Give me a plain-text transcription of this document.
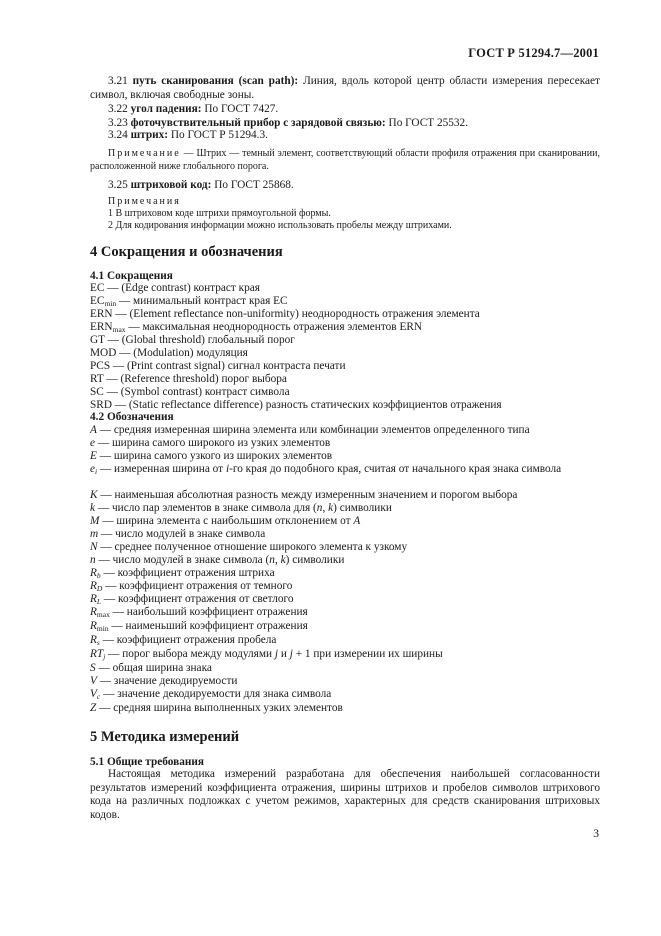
ГОСТ Р 51294.7—2001
3.21 путь сканирования (scan path): Линия, вдоль которой центр области измерения пересекает символ, включая свободные зоны.
3.22 угол падения: По ГОСТ 7427.
3.23 фоточувствительный прибор с зарядовой связью: По ГОСТ 25532.
3.24 штрих: По ГОСТ Р 51294.3.
Примечание — Штрих — темный элемент, соответствующий области профиля отражения при сканировании, расположенной ниже глобального порога.
3.25 штриховой код: По ГОСТ 25868.
Примечания
1 В штриховом коде штрихи прямоугольной формы.
2 Для кодирования информации можно использовать пробелы между штрихами.
4 Сокращения и обозначения
4.1 Сокращения
EC — (Edge contrast) контраст края
$EC_{min}$ — минимальный контраст края EC
ERN — (Element reflectance non-uniformity) неоднородность отражения элемента
$ERN_{max}$ — максимальная неоднородность отражения элементов ERN
GT — (Global threshold) глобальный порог
MOD — (Modulation) модуляция
PCS — (Print contrast signal) сигнал контраста печати
RT — (Reference threshold) порог выбора
SC — (Symbol contrast) контраст символа
SRD — (Static reflectance difference) разность статических коэффициентов отражения
4.2 Обозначения
A — средняя измеренная ширина элемента или комбинации элементов определенного типа
e — ширина самого широкого из узких элементов
E — ширина самого узкого из широких элементов
$e_i$ — измеренная ширина от i-го края до подобного края, считая от начального края знака символа
K — наименьшая абсолютная разность между измеренным значением и порогом выбора
k — число пар элементов в знаке символа для (n, k) символики
M — ширина элемента с наибольшим отклонением от A
m — число модулей в знаке символа
N — среднее полученное отношение широкого элемента к узкому
n — число модулей в знаке символа (n, k) символики
$R_b$ — коэффициент отражения штриха
$R_D$ — коэффициент отражения от темного
$R_L$ — коэффициент отражения от светлого
$R_{max}$ — наибольший коэффициент отражения
$R_{min}$ — наименьший коэффициент отражения
$R_s$ — коэффициент отражения пробела
$RT_j$ — порог выбора между модулями j и j + 1 при измерении их ширины
S — общая ширина знака
V — значение декодируемости
$V_c$ — значение декодируемости для знака символа
Z — средняя ширина выполненных узких элементов
5 Методика измерений
5.1 Общие требования
Настоящая методика измерений разработана для обеспечения наибольшей согласованности результатов измерений коэффициента отражения, ширины штрихов и пробелов символов штрихового кода на различных подложках с учетом режимов, характерных для средств сканирования штриховых кодов.
3
